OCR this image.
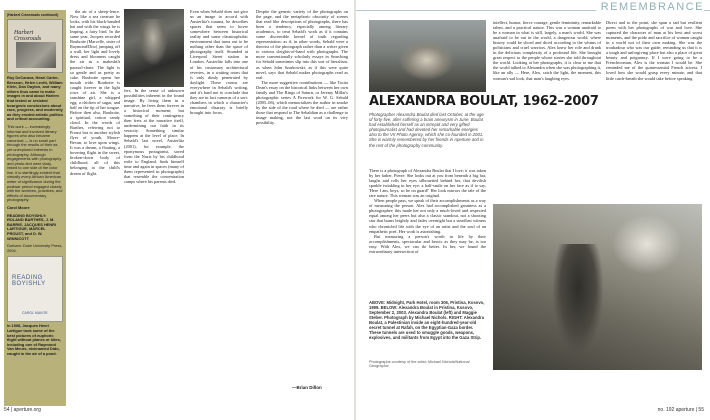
(Harbert Crossroads continued)
Harbert Crossroads

Roy DeCarava, Hearl Carter-Bresson, Helen Levitt, William Klein, Dan Dayton, and many others thus came to make images in and about Harlem that tested or resisted bourgeois conclusions about race, progress, and modernity as they eroded artistic politics and critical accounting.

This work — increasingly informal and involved literary figures who also became canonical — is no small part through the results of their as yet unexplored interests in photography. Although engagements with photography and photo-text were tardy, linked to one side of the color line, it is startlingly evident that virtually every African American writer of significance during the postwar period engaged closely with the archives, practices, and effects of documentary photography.

Carol Moore

READING BOYISHLY: ROLAND BARTHES, J. M. BARRIE, JACQUES HENRI LARTIGUE, MARCEL PROUST, and D. W. WINNICOTT

Durham: Duke University Press, 2004.

READING BOYISHLY
CAROL MAVOR

In 1908, Jacques Henri Lartigue took some of the best pictures of euphoric flight without planes or kites, including one of Raymond Van Meurs, nicknamed Dido, caught in the air of a pond.

the air of a sheep-fence. Now like a sea creature he looks, with his black-banded hat and with the wings he is leaping, a fairy bird. In the same year, Jacques recorded Boubotte (Marcelle, sister of Raymond/Dito) jumping off a wall, her light and lovely dress and bloomers caught the air as a makeshift parasol-chute. The light is so gentle and as pretty as cake. Boubotte opens her mouth wide. Boubotte is caught forever in the light rows of air. She is a sunshine girl, a whipped egg; a chicken of sugar, and half on the tip of her tongue. Before then also, Boubotte, a spiritual, cotton candy cloud. In the words of Barthes, referring not to Proust but to another stylish flyer of youth, Moore-Bevan, to love upon wings. It was a dream, a floating, a hovering flight in the sweet, broken-down body of childhood, all of this belonging to the child's dream of flight.

fers. In the sense of unknown possibilities inherent in the found image. By living them in a narrative, he frees them forever in a historical moment; but something of their contingency then frets at the narrative itself, undermining our faith in its veracity. Something similar happens at the level of place. In Sebald's last novel, Austerlitz (2001), for example, the eponymous protagonist, saved from the Nazis by his childhood exile to England, finds himself time and again in spaces (many of them represented in photographs) that resemble the concentration camps where his parents died.

Even when Sebald does not give us an image to accord with Austerlitz's trauma, he describes spaces that seem to hover somewhere between historical reality and some claustrophobic environment that turns out to be nothing other than the space of photography itself. Stranded at Liverpool Street station in London, Austerlitz falls into one of his customary architectural reveries, in a waiting room that is only dimly penetrated by daylight. These rooms are everywhere in Sebald's writing, and it's hard not to conclude that they are in fact cameras of a sort: chambers in which a character's emotional disarray is briefly brought into focus.

Despite the generic variety of the photographs on the page, and the metaphoric obscurity of scenes that read like descriptions of photographs, there has been a tendency, especially among literary academics, to treat Sebald's work as if it contains some discernible kernel of truth regarding representation: as if, in other words, Sebald were a theorist of the photograph rather than a writer given to various sleights-of-hand with photographs. The more conventionally scholarly essays in Searching for Sebald sometimes slip into this sort of literalism, as when John Szarkowski, as if this were quite novel, says that Sebald makes photographs read as real.

The more suggestive contributions — like Tacita Dean's essay on the historical links between her own family and The Rings of Saturn, or Jeremy Millar's photographic series A Firework for W. G. Sebald (2005–06), which memorializes the author in smoke by the side of the road where he died — are rather those that respond to The Sebaldian as a challenge to image making, not the last word on its very possibility.

—Brian Dillon
54 | aperture.org
REMEMBRANCE
ALEXANDRA BOULAT, 1962–2007
Photographer Alexandra Boulat died last October, at the age of forty-five, after suffering a brain aneurysm in June. Boulat had established herself as an intrepid and very gifted photojournalist and had devoted her remarkable energies also to the VII Photo Agency, which she co-founded in 2001. She is warmly remembered by her friends in Aperture and in the rest of the photography community.

There is a photograph of Alexandra Boulat that I love; it was taken by her father, Pierre. She looks out at you from beneath a big hat, laughs and rolls her eyes silhouetted behind her, that devilish sparkle twinkling in her eye, a half-smile on her face as if to say, 'Here I am, boys, so be on guard!' Her look mirrors the tale of the rare nature. This woman was an original.

When people pass, we speak of their accomplishments as a way of measuring the person. Alex had accomplished greatness as a photographer; this made her not only a much-loved and respected equal among her peers but also a classic standout, not a shooting star that burns brightly and fades overnight but a steadfast witness who chronicled life with the eye of an artist and the soul of an empathetic poet. Her work is astonishing.

But measuring a person's worth in life by their accomplishments, spectacular and heroic as they may be, is too easy. With Alex, we can do better. In her, we found the extraordinary intersection of

intellect, humor, fierce courage, gentle femininity, remarkable talent, and a practical nature. This was a woman unafraid to be a woman in what is still, largely, a man's world. She was unafraid to be out in the world, a dangerous world, where history could be sliced and diced according to the whims of politicians and cruel warriors. Alex knew her role and drank in the delicious complexity of a profound life. She brought great respect to the people whose stories she told throughout the world. Looking at her photographs, it is clear to me that the world talked to Alexandra when she was photographing it, like an ally — Here, Alex, catch the light, the moment, this woman's sad look, that man's laughing eyes.

Direct and to the point, she spun a sad but resilient poem with her photographs of war and love. She captured the character of man at his best and worst moments, and the pride and sacrifice of women caught in a world not of their own making. She was the troubadour who was our guide, reminding us that it is a tough and unforgiving place but also a place of great beauty and poignancy. If I were going to be a Frenchwoman, Alex is the woman I would be. She reminded me of the quintessential French actress. I loved how she would grasp every minute, and that little catch-breath she would take before speaking.

ABOVE: Midnight, Park Hotel, room 306, Pristina, Kosovo, 1999. BELOW: Alexandra Boulat in Pristina, Kosovo, September 2, 2003. Alexandra Boulat (left) and Maggie Steber. Photograph by Michael Nichols. RIGHT: Alexandra Boulat, a Palestinian inside an eight-hundred-year-old secret tunnel at Rafah, on the Egyptian-Gaza border. These tunnels are used to smuggle goods, weapons, explosives, and militants from Egypt into the Gaza Strip.
Photographs courtesy of the artist; Michael Nichols/National Geographic
no. 192 aperture | 55
